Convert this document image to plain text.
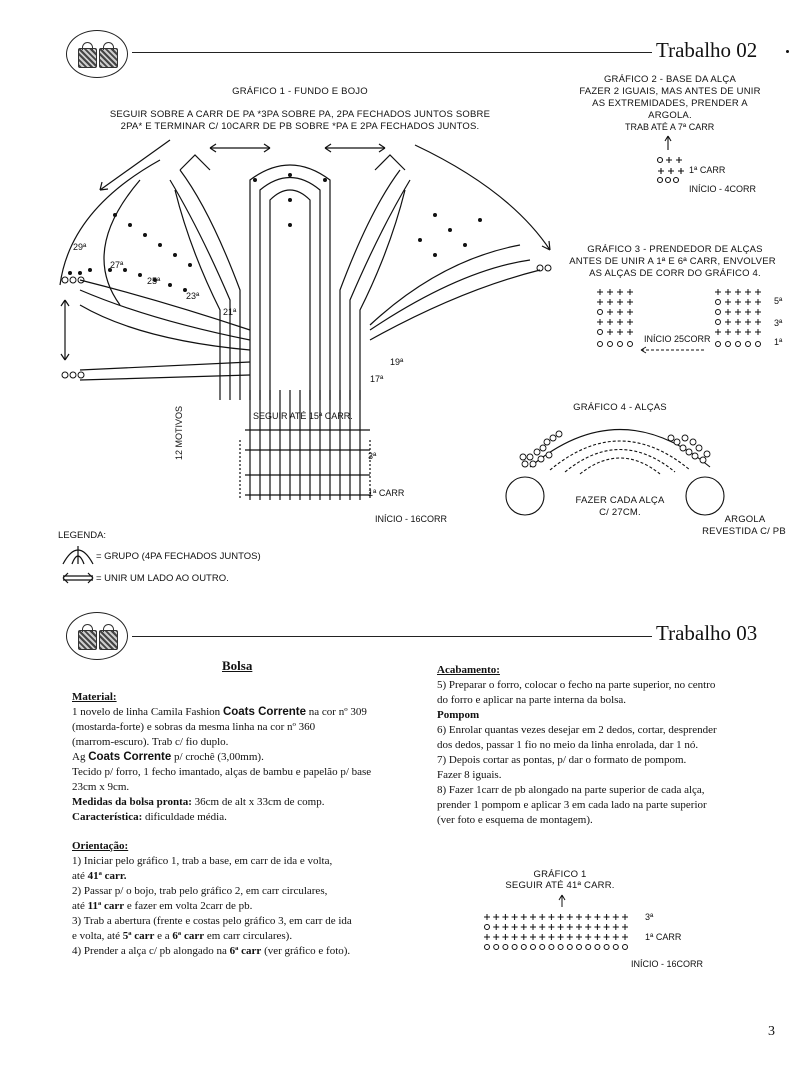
Trabalho 02
GRÁFICO 1 - FUNDO E BOJO
SEGUIR SOBRE A CARR DE PA *3PA SOBRE PA, 2PA FECHADOS JUNTOS SOBRE
2PA* E TERMINAR C/ 10CARR DE PB SOBRE *PA E 2PA FECHADOS JUNTOS.
29ª
27ª
25ª
23ª
21ª
19ª
17ª
SEGUIR ATÉ 15ª CARR.
12 MOTIVOS	3ª
1ª CARR
INÍCIO - 16CORR
GRÁFICO 2 - BASE DA ALÇA
FAZER 2 IGUAIS, MAS ANTES DE UNIR
AS EXTREMIDADES, PRENDER A ARGOLA.
TRAB ATÉ A 7ª CARR
1ª CARR
INÍCIO - 4CORR
GRÁFICO 3 - PRENDEDOR DE ALÇAS
ANTES DE UNIR A 1ª E 6ª CARR, ENVOLVER
AS ALÇAS DE CORR DO GRÁFICO 4.
5ª
3ª
1ª
INÍCIO 25CORR
GRÁFICO 4 - ALÇAS
FAZER CADA ALÇA
C/ 27CM.
ARGOLA
REVESTIDA C/ PB
LEGENDA:
= GRUPO (4PA FECHADOS JUNTOS)
= UNIR UM LADO AO OUTRO.
Trabalho 03
Bolsa

Material:

1 novelo de linha Camila Fashion Coats Corrente na cor nº 309

(mostarda-forte) e sobras da mesma linha na cor nº 360

(marrom-escuro). Trab c/ fio duplo.

Ag Coats Corrente p/ crochê (3,00mm).

Tecido p/ forro, 1 fecho imantado, alças de bambu e papelão p/ base

23cm x 9cm.

Medidas da bolsa pronta: 36cm de alt x 33cm de comp.

Característica: dificuldade média.

Orientação:

1) Iniciar pelo gráfico 1, trab a base, em carr de ida e volta,

até 41ª carr.

2) Passar p/ o bojo, trab pelo gráfico 2, em carr circulares,

até 11ª carr e fazer em volta 2carr de pb.

3) Trab a abertura (frente e costas pelo gráfico 3, em carr de ida

e volta, até 5ª carr e a 6ª carr em carr circulares).

4) Prender a alça c/ pb alongado na 6ª carr (ver gráfico e foto).

Acabamento:

5) Preparar o forro, colocar o fecho na parte superior, no centro

do forro e aplicar na parte interna da bolsa.

Pompom

6) Enrolar quantas vezes desejar em 2 dedos, cortar, desprender

dos dedos, passar 1 fio no meio da linha enrolada, dar 1 nó.

7) Depois cortar as pontas, p/ dar o formato de pompom.

Fazer 8 iguais.

8) Fazer 1carr de pb alongado na parte superior de cada alça,

prender 1 pompom e aplicar 3 em cada lado na parte superior

(ver foto e esquema de montagem).

GRÁFICO 1
SEGUIR ATÉ 41ª CARR.
3ª
1ª CARR
INÍCIO - 16CORR
3
